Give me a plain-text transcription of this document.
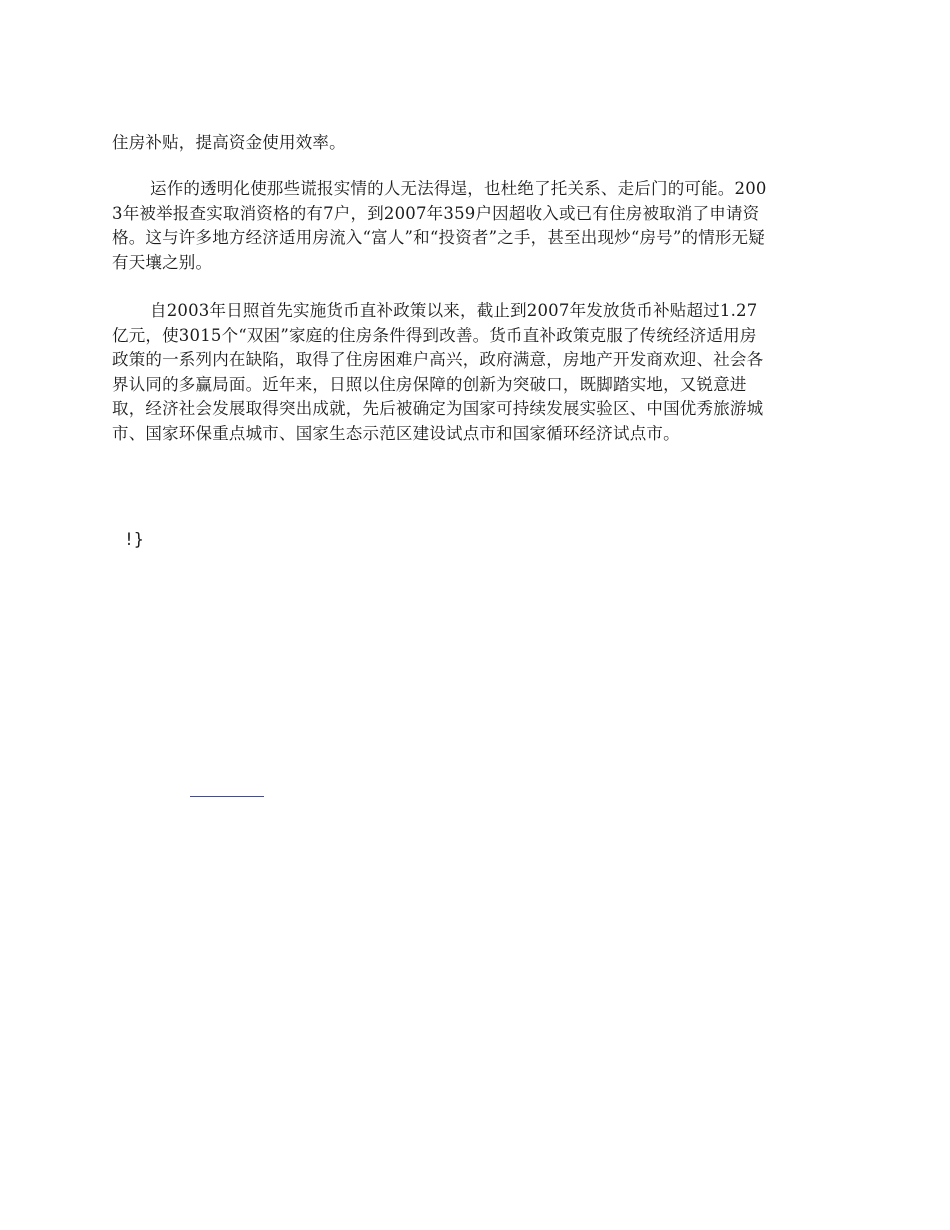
住房补贴，提高资金使用效率。

运作的透明化使那些谎报实情的人无法得逞，也杜绝了托关系、走后门的可能。2003年被举报查实取消资格的有7户，到2007年359户因超收入或已有住房被取消了申请资格。这与许多地方经济适用房流入“富人”和“投资者”之手，甚至出现炒“房号”的情形无疑有天壤之别。

自2003年日照首先实施货币直补政策以来，截止到2007年发放货币补贴超过1.27亿元，使3015个“双困”家庭的住房条件得到改善。货币直补政策克服了传统经济适用房政策的一系列内在缺陷，取得了住房困难户高兴，政府满意，房地产开发商欢迎、社会各界认同的多赢局面。近年来，日照以住房保障的创新为突破口，既脚踏实地，又锐意进取，经济社会发展取得突出成就，先后被确定为国家可持续发展实验区、中国优秀旅游城市、国家环保重点城市、国家生态示范区建设试点市和国家循环经济试点市。

!}
